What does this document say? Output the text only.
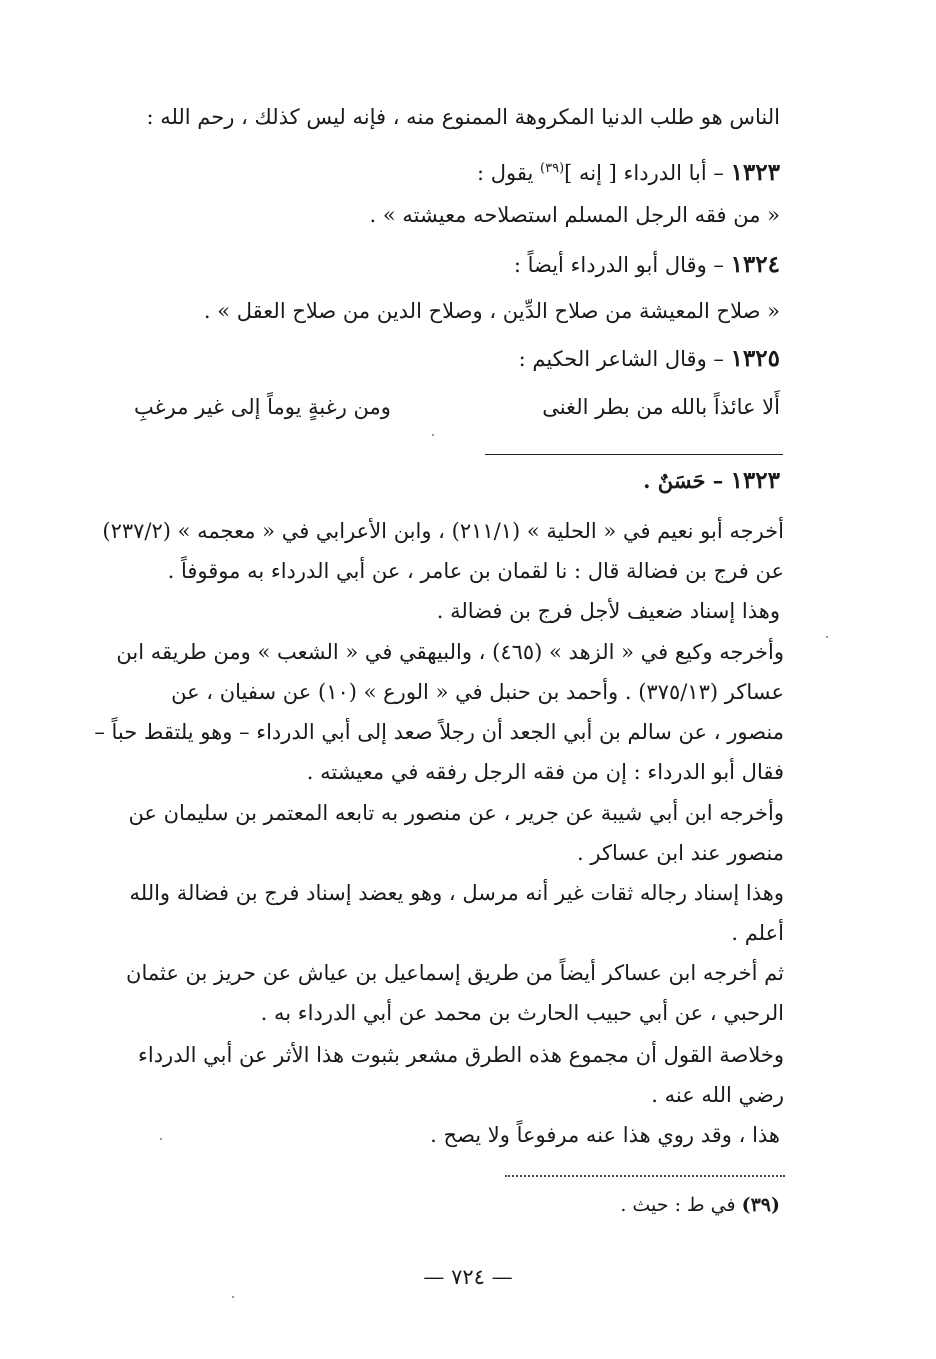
الناس هو طلب الدنيا المكروهة الممنوع منه ، فإنه ليس كذلك ، رحم الله :
١٣٢٣ – أبا الدرداء [ إنه ]$^{(٣٩)}$ يقول :
« من فقه الرجل المسلم استصلاحه معيشته » .
١٣٢٤ – وقال أبو الدرداء أيضاً :
« صلاح المعيشة من صلاح الدِّين ، وصلاح الدين من صلاح العقل » .
١٣٢٥ – وقال الشاعر الحكيم :
أَلا عائذاً بالله من بطر الغنى
ومن رغبةٍ يوماً إلى غير مرغبِ
١٣٢٣ – حَسَنٌ .
أخرجه أبو نعيم في « الحلية » (٢١١/١) ، وابن الأعرابي في « معجمه » (٢٣٧/٢)
عن فرج بن فضالة قال : نا لقمان بن عامر ، عن أبي الدرداء به موقوفاً .
وهذا إسناد ضعيف لأجل فرج بن فضالة .
وأخرجه وكيع في « الزهد » (٤٦٥) ، والبيهقي في « الشعب » ومن طريقه ابن
عساكر (٣٧٥/١٣) . وأحمد بن حنبل في « الورع » (١٠) عن سفيان ، عن
منصور ، عن سالم بن أبي الجعد أن رجلاً صعد إلى أبي الدرداء – وهو يلتقط حباً –
فقال أبو الدرداء : إن من فقه الرجل رفقه في معيشته .
وأخرجه ابن أبي شيبة عن جرير ، عن منصور به تابعه المعتمر بن سليمان عن
منصور عند ابن عساكر .
وهذا إسناد رجاله ثقات غير أنه مرسل ، وهو يعضد إسناد فرج بن فضالة والله
أعلم .
ثم أخرجه ابن عساكر أيضاً من طريق إسماعيل بن عياش عن حريز بن عثمان
الرحبي ، عن أبي حبيب الحارث بن محمد عن أبي الدرداء به .
وخلاصة القول أن مجموع هذه الطرق مشعر بثبوت هذا الأثر عن أبي الدرداء
رضي الله عنه .
هذا ، وقد روي هذا عنه مرفوعاً ولا يصح .
(٣٩) في ط : حيث .
— ٧٢٤ —
